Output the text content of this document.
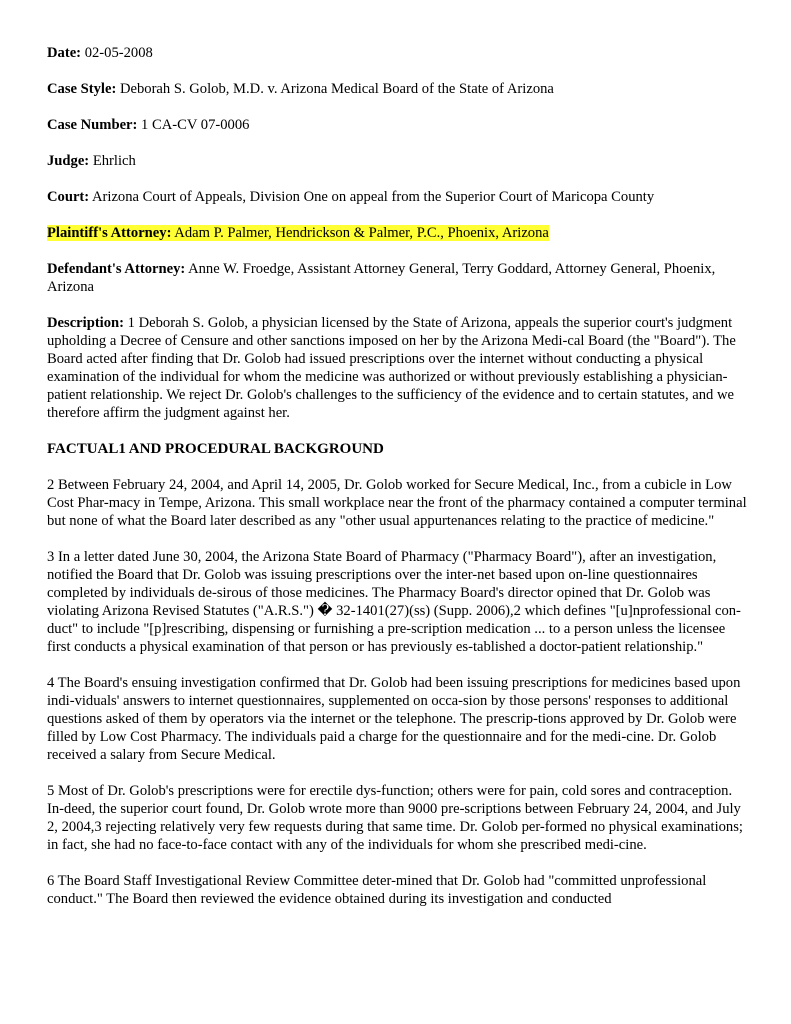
Date: 02-05-2008
Case Style: Deborah S. Golob, M.D. v. Arizona Medical Board of the State of Arizona
Case Number: 1 CA-CV 07-0006
Judge: Ehrlich
Court: Arizona Court of Appeals, Division One on appeal from the Superior Court of Maricopa County
Plaintiff's Attorney: Adam P. Palmer, Hendrickson & Palmer, P.C., Phoenix, Arizona
Defendant's Attorney: Anne W. Froedge, Assistant Attorney General, Terry Goddard, Attorney General, Phoenix, Arizona
Description: 1 Deborah S. Golob, a physician licensed by the State of Arizona, appeals the superior court's judgment upholding a Decree of Censure and other sanctions imposed on her by the Arizona Medi-cal Board (the "Board"). The Board acted after finding that Dr. Golob had issued prescriptions over the internet without conducting a physical examination of the individual for whom the medicine was authorized or without previously establishing a physician-patient relationship. We reject Dr. Golob's challenges to the sufficiency of the evidence and to certain statutes, and we therefore affirm the judgment against her.
FACTUAL1 AND PROCEDURAL BACKGROUND
2 Between February 24, 2004, and April 14, 2005, Dr. Golob worked for Secure Medical, Inc., from a cubicle in Low Cost Phar-macy in Tempe, Arizona. This small workplace near the front of the pharmacy contained a computer terminal but none of what the Board later described as any "other usual appurtenances relating to the practice of medicine."
3 In a letter dated June 30, 2004, the Arizona State Board of Pharmacy ("Pharmacy Board"), after an investigation, notified the Board that Dr. Golob was issuing prescriptions over the inter-net based upon on-line questionnaires completed by individuals de-sirous of those medicines. The Pharmacy Board's director opined that Dr. Golob was violating Arizona Revised Statutes ("A.R.S.") � 32-1401(27)(ss) (Supp. 2006),2 which defines "[u]nprofessional con-duct" to include "[p]rescribing, dispensing or furnishing a pre-scription medication ... to a person unless the licensee first conducts a physical examination of that person or has previously es-tablished a doctor-patient relationship."
4 The Board's ensuing investigation confirmed that Dr. Golob had been issuing prescriptions for medicines based upon indi-viduals' answers to internet questionnaires, supplemented on occa-sion by those persons' responses to additional questions asked of them by operators via the internet or the telephone. The prescrip-tions approved by Dr. Golob were filled by Low Cost Pharmacy. The individuals paid a charge for the questionnaire and for the medi-cine. Dr. Golob received a salary from Secure Medical.
5 Most of Dr. Golob's prescriptions were for erectile dys-function; others were for pain, cold sores and contraception. In-deed, the superior court found, Dr. Golob wrote more than 9000 pre-scriptions between February 24, 2004, and July 2, 2004,3 rejecting relatively very few requests during that same time. Dr. Golob per-formed no physical examinations; in fact, she had no face-to-face contact with any of the individuals for whom she prescribed medi-cine.
6 The Board Staff Investigational Review Committee deter-mined that Dr. Golob had "committed unprofessional conduct." The Board then reviewed the evidence obtained during its investigation and conducted
